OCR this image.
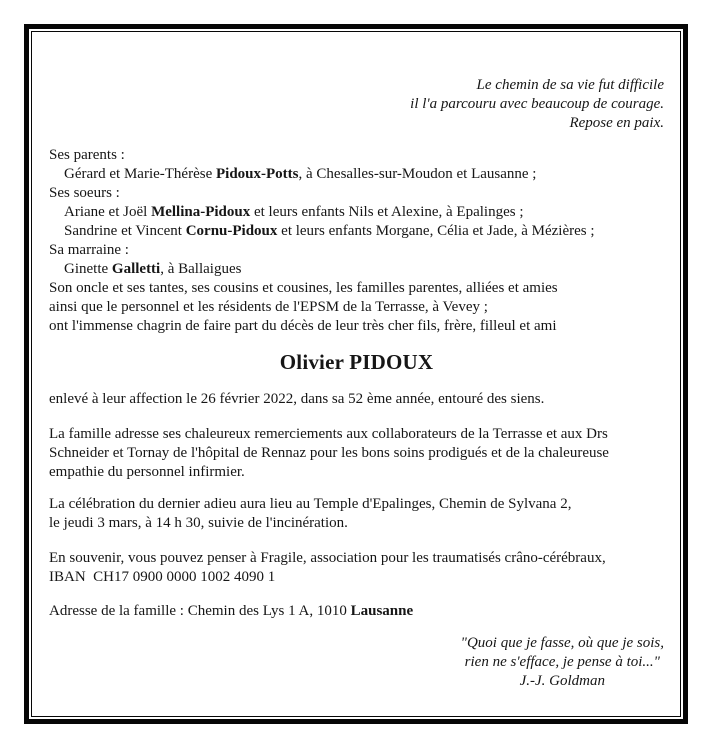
Le chemin de sa vie fut difficile
il l'a parcouru avec beaucoup de courage.
Repose en paix.
Ses parents :
Gérard et Marie-Thérèse Pidoux-Potts, à Chesalles-sur-Moudon et Lausanne ;
Ses soeurs :
Ariane et Joël Mellina-Pidoux et leurs enfants Nils et Alexine, à Epalinges ;
Sandrine et Vincent Cornu-Pidoux et leurs enfants Morgane, Célia et Jade, à Mézières ;
Sa marraine :
Ginette Galletti, à Ballaigues
Son oncle et ses tantes, ses cousins et cousines, les familles parentes, alliées et amies
ainsi que le personnel et les résidents de l'EPSM de la Terrasse, à Vevey ;
ont l'immense chagrin de faire part du décès de leur très cher fils, frère, filleul et ami
Olivier PIDOUX
enlevé à leur affection le 26 février 2022, dans sa 52 ème année, entouré des siens.
La famille adresse ses chaleureux remerciements aux collaborateurs de la Terrasse et aux Drs
Schneider et Tornay de l'hôpital de Rennaz pour les bons soins prodigués et de la chaleureuse
empathie du personnel infirmier.
La célébration du dernier adieu aura lieu au Temple d'Epalinges, Chemin de Sylvana 2,
le jeudi 3 mars, à 14 h 30, suivie de l'incinération.
En souvenir, vous pouvez penser à Fragile, association pour les traumatisés crâno-cérébraux,
IBAN  CH17 0900 0000 1002 4090 1
Adresse de la famille : Chemin des Lys 1 A, 1010 Lausanne
"Quoi que je fasse, où que je sois,
rien ne s'efface, je pense à toi..."
J.-J. Goldman
